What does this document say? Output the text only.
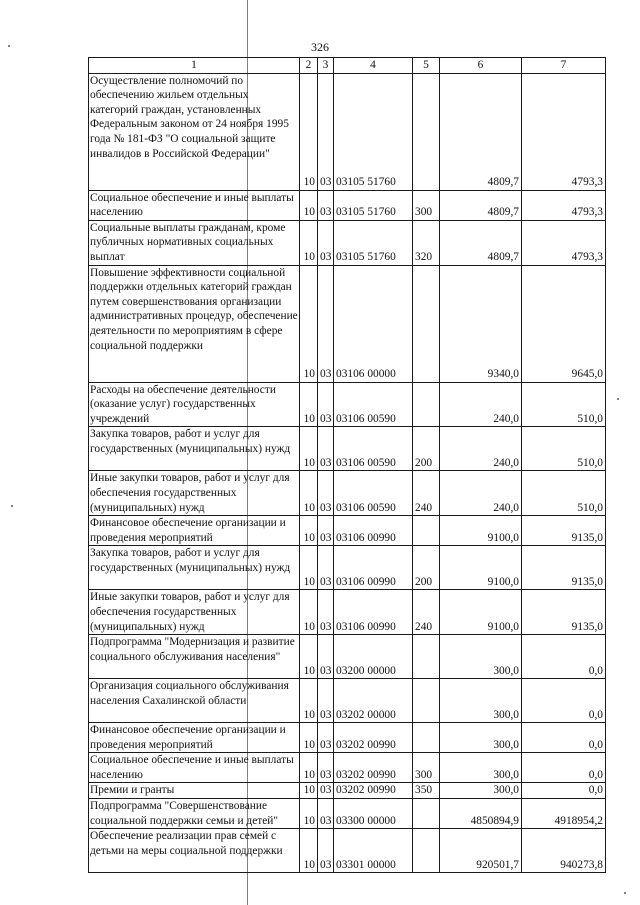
326
1	2	3	4	5	6	7
Осуществление полномочий по обеспечению жильем отдельных категорий граждан, установленных Федеральным законом от 24 ноября 1995 года № 181-ФЗ "О социальной защите инвалидов в Российской Федерации"	10	03	03105 51760		4809,7	4793,3
Социальное обеспечение и иные выплаты населению	10	03	03105 51760	300	4809,7	4793,3
Социальные выплаты гражданам, кроме публичных нормативных социальных выплат	10	03	03105 51760	320	4809,7	4793,3
Повышение эффективности социальной поддержки отдельных категорий граждан путем совершенствования организации административных процедур, обеспечение деятельности по мероприятиям в сфере социальной поддержки	10	03	03106 00000		9340,0	9645,0
Расходы на обеспечение деятельности (оказание услуг) государственных учреждений	10	03	03106 00590		240,0	510,0
Закупка товаров, работ и услуг для государственных (муниципальных) нужд	10	03	03106 00590	200	240,0	510,0
Иные закупки товаров, работ и услуг для обеспечения государственных (муниципальных) нужд	10	03	03106 00590	240	240,0	510,0
Финансовое обеспечение организации и проведения мероприятий	10	03	03106 00990		9100,0	9135,0
Закупка товаров, работ и услуг для государственных (муниципальных) нужд	10	03	03106 00990	200	9100,0	9135,0
Иные закупки товаров, работ и услуг для обеспечения государственных (муниципальных) нужд	10	03	03106 00990	240	9100,0	9135,0
Подпрограмма "Модернизация и развитие социального обслуживания населения"	10	03	03200 00000		300,0	0,0
Организация социального обслуживания населения Сахалинской области	10	03	03202 00000		300,0	0,0
Финансовое обеспечение организации и проведения мероприятий	10	03	03202 00990		300,0	0,0
Социальное обеспечение и иные выплаты населению	10	03	03202 00990	300	300,0	0,0
Премии и гранты	10	03	03202 00990	350	300,0	0,0
Подпрограмма "Совершенствование социальной поддержки семьи и детей"	10	03	03300 00000		4850894,9	4918954,2
Обеспечение реализации прав семей с детьми на меры социальной поддержки	10	03	03301 00000		920501,7	940273,8
